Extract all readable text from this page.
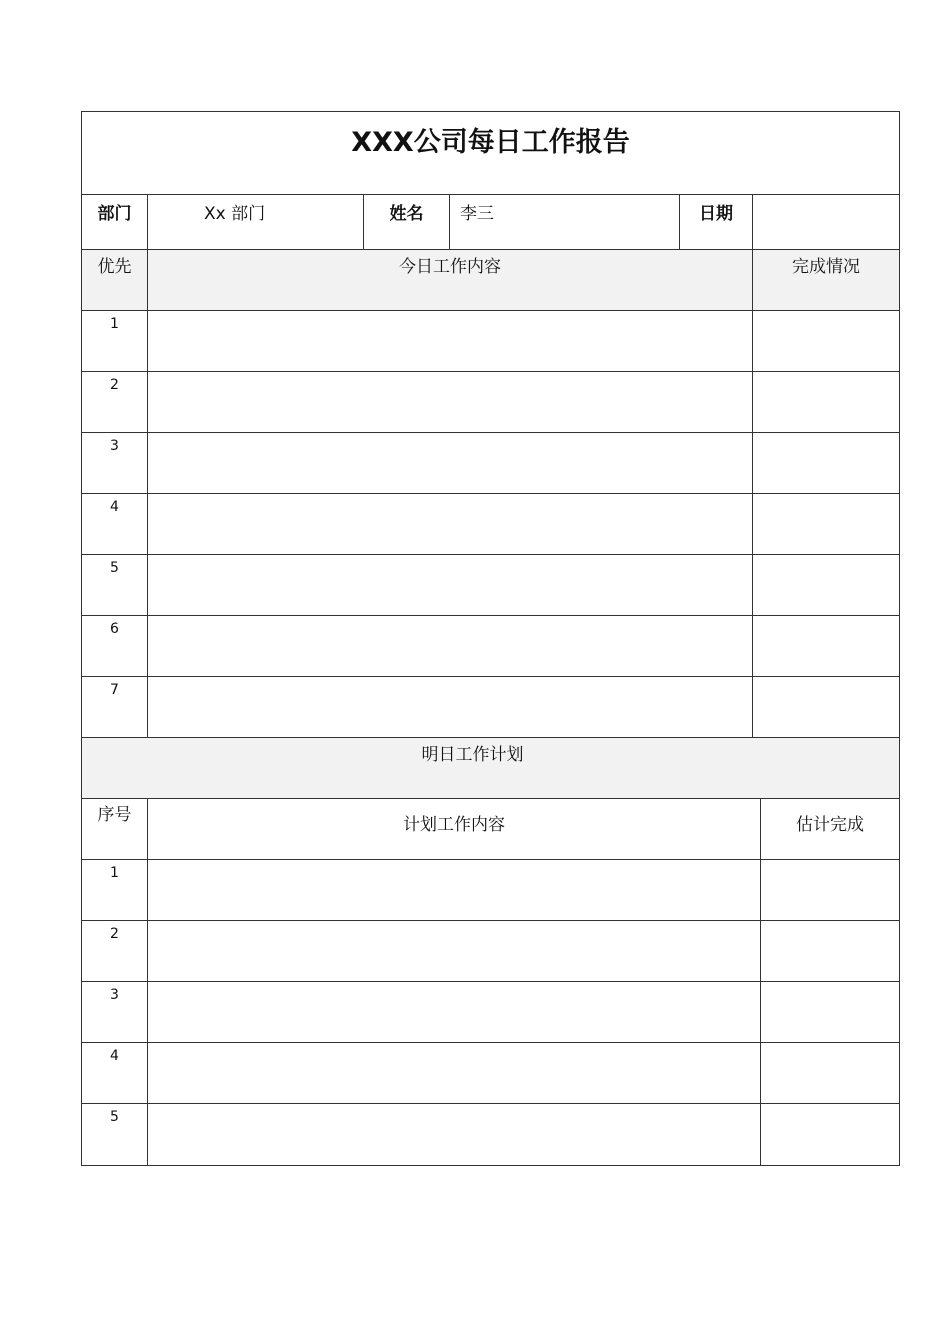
XXX公司每日工作报告
部门	Xx 部门	姓名	李三	日期
优先	今日工作内容	完成情况
1
2
3
4
5
6
7
明日工作计划
序号	计划工作内容	估计完成
1
2
3
4
5
